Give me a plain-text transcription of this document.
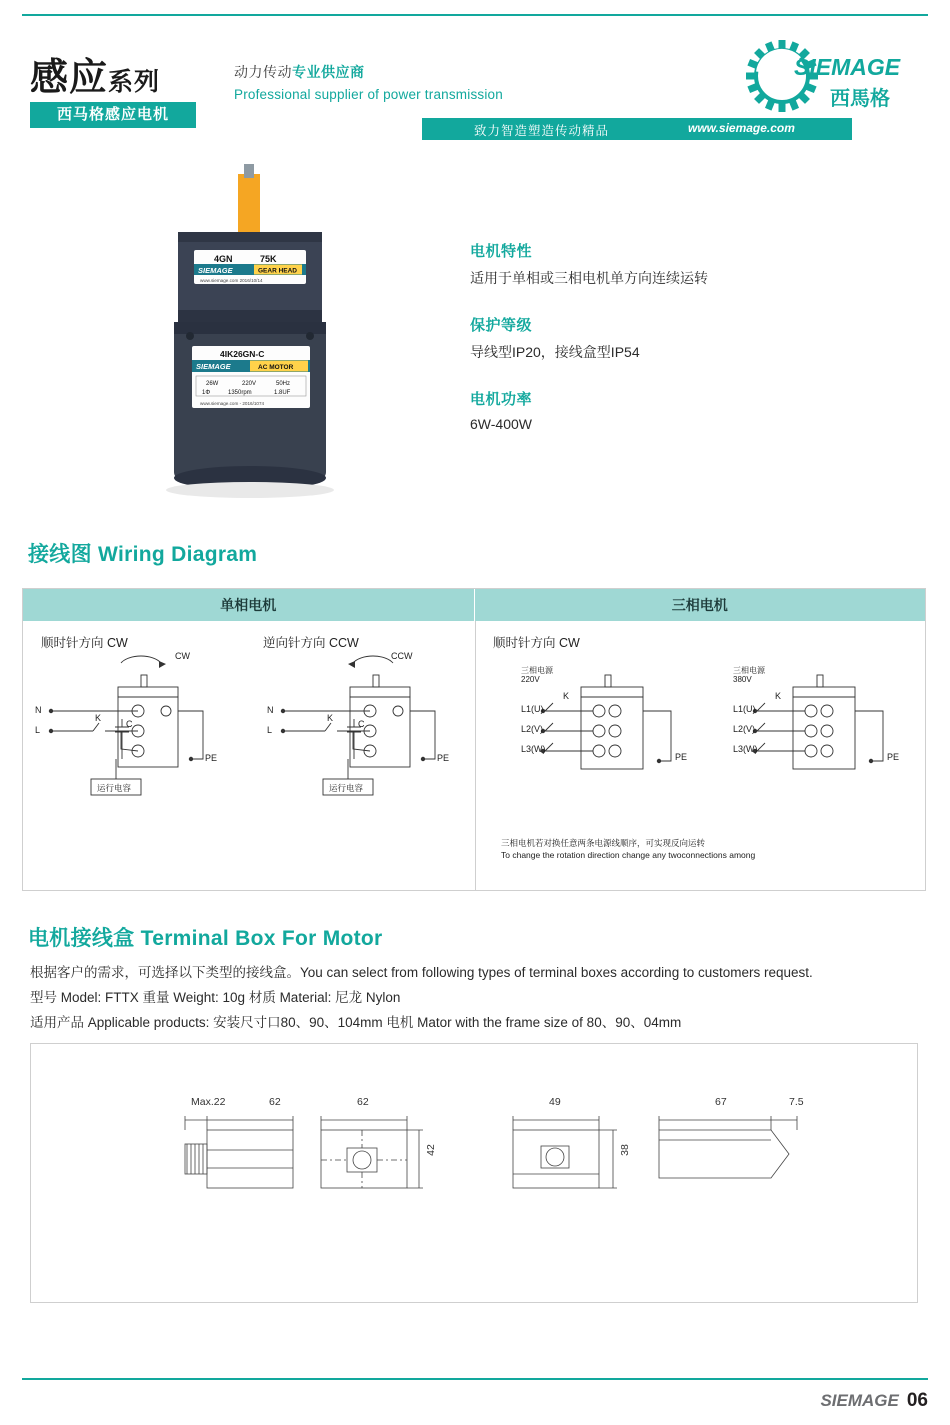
感应系列
西马格感应电机
动力传动专业供应商
Professional supplier of power transmission
致力智造塑造传动精品	www.siemage.com
SIEMAGE
西馬格
4GN	75K
SIEMAGE	GEAR HEAD
www.siemage.com 2016/10/14
4IK26GN-C
SIEMAGE	AC MOTOR
26W	220V	50Hz
1Φ	1350rpm	1.8UF
www.siemage.com - 2016/1074
电机特性

适用于单相或三相电机单方向连续运转

保护等级

导线型IP20，接线盒型IP54

电机功率

6W-400W

接线图 Wiring Diagram
单相电机	三相电机
顺时针方向 CW	逆向针方向 CCW	顺时针方向 CW
CW
N
L
K
C
PE
运行电容
CCW
N
L
K
C
PE
运行电容
三相电源
220V
L1(U)
L2(V)
L3(W)
K
PE
三相电源
380V
L1(U)
L2(V)
L3(W)
K
PE
三相电机若对换任意两条电源线顺序，可实现反向运转
To change the rotation direction change any twoconnections among
电机接线盒 Terminal Box For Motor
根据客户的需求，可选择以下类型的接线盒。You can select from following types of terminal boxes according to customers request.
型号 Model: FTTX 重量 Weight: 10g 材质 Material: 尼龙 Nylon
适用产品 Applicable products: 安装尺寸口80、90、104mm 电机 Mator with the frame size of 80、90、04mm
Max.22	62	62
42
49
38
67	7.5
SIEMAGE 06
